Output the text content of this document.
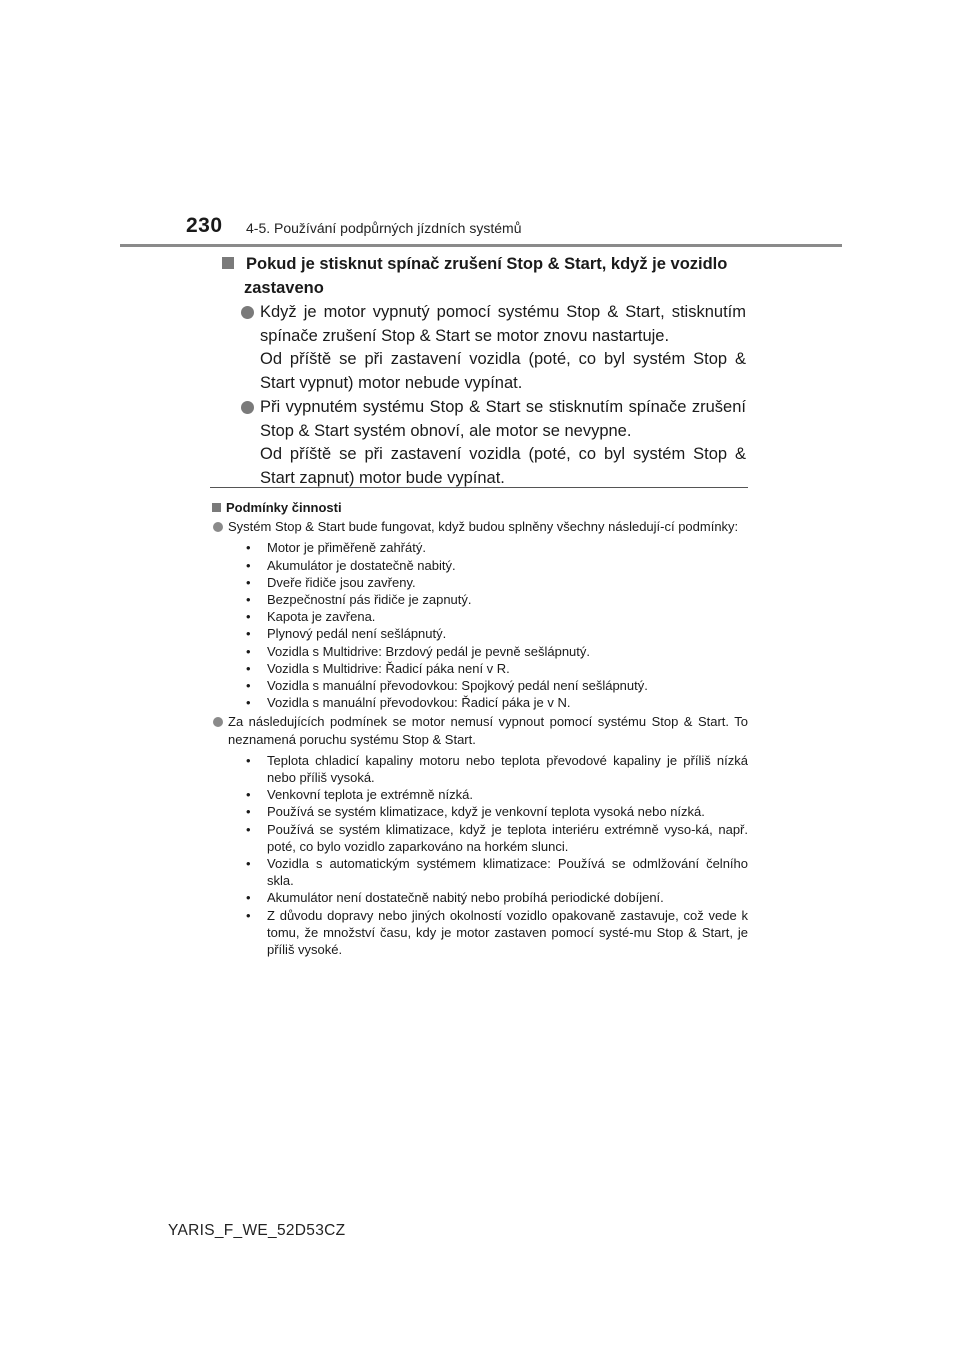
230 4-5. Používání podpůrných jízdních systémů
Pokud je stisknut spínač zrušení Stop & Start, když je vozidlo
zastaveno

Když je motor vypnutý pomocí systému Stop & Start, stisknutím spínače zrušení Stop & Start se motor znovu nastartuje.

Od příště se při zastavení vozidla (poté, co byl systém Stop & Start vypnut) motor nebude vypínat.

Při vypnutém systému Stop & Start se stisknutím spínače zrušení Stop & Start systém obnoví, ale motor se nevypne.

Od příště se při zastavení vozidla (poté, co byl systém Stop & Start zapnut) motor bude vypínat.

Podmínky činnosti
Systém Stop & Start bude fungovat, když budou splněny všechny následují-cí podmínky:
• Motor je přiměřeně zahřátý.
• Akumulátor je dostatečně nabitý.
• Dveře řidiče jsou zavřeny.
• Bezpečnostní pás řidiče je zapnutý.
• Kapota je zavřena.
• Plynový pedál není sešlápnutý.
• Vozidla s Multidrive: Brzdový pedál je pevně sešlápnutý.
• Vozidla s Multidrive: Řadicí páka není v R.
• Vozidla s manuální převodovkou: Spojkový pedál není sešlápnutý.
• Vozidla s manuální převodovkou: Řadicí páka je v N.
Za následujících podmínek se motor nemusí vypnout pomocí systému Stop & Start. To neznamená poruchu systému Stop & Start.
• Teplota chladicí kapaliny motoru nebo teplota převodové kapaliny je příliš nízká nebo příliš vysoká.
• Venkovní teplota je extrémně nízká.
• Používá se systém klimatizace, když je venkovní teplota vysoká nebo nízká.
• Používá se systém klimatizace, když je teplota interiéru extrémně vyso-ká, např. poté, co bylo vozidlo zaparkováno na horkém slunci.
• Vozidla s automatickým systémem klimatizace: Používá se odmlžování čelního skla.
• Akumulátor není dostatečně nabitý nebo probíhá periodické dobíjení.
• Z důvodu dopravy nebo jiných okolností vozidlo opakovaně zastavuje, což vede k tomu, že množství času, kdy je motor zastaven pomocí systé-mu Stop & Start, je příliš vysoké.
YARIS_F_WE_52D53CZ
